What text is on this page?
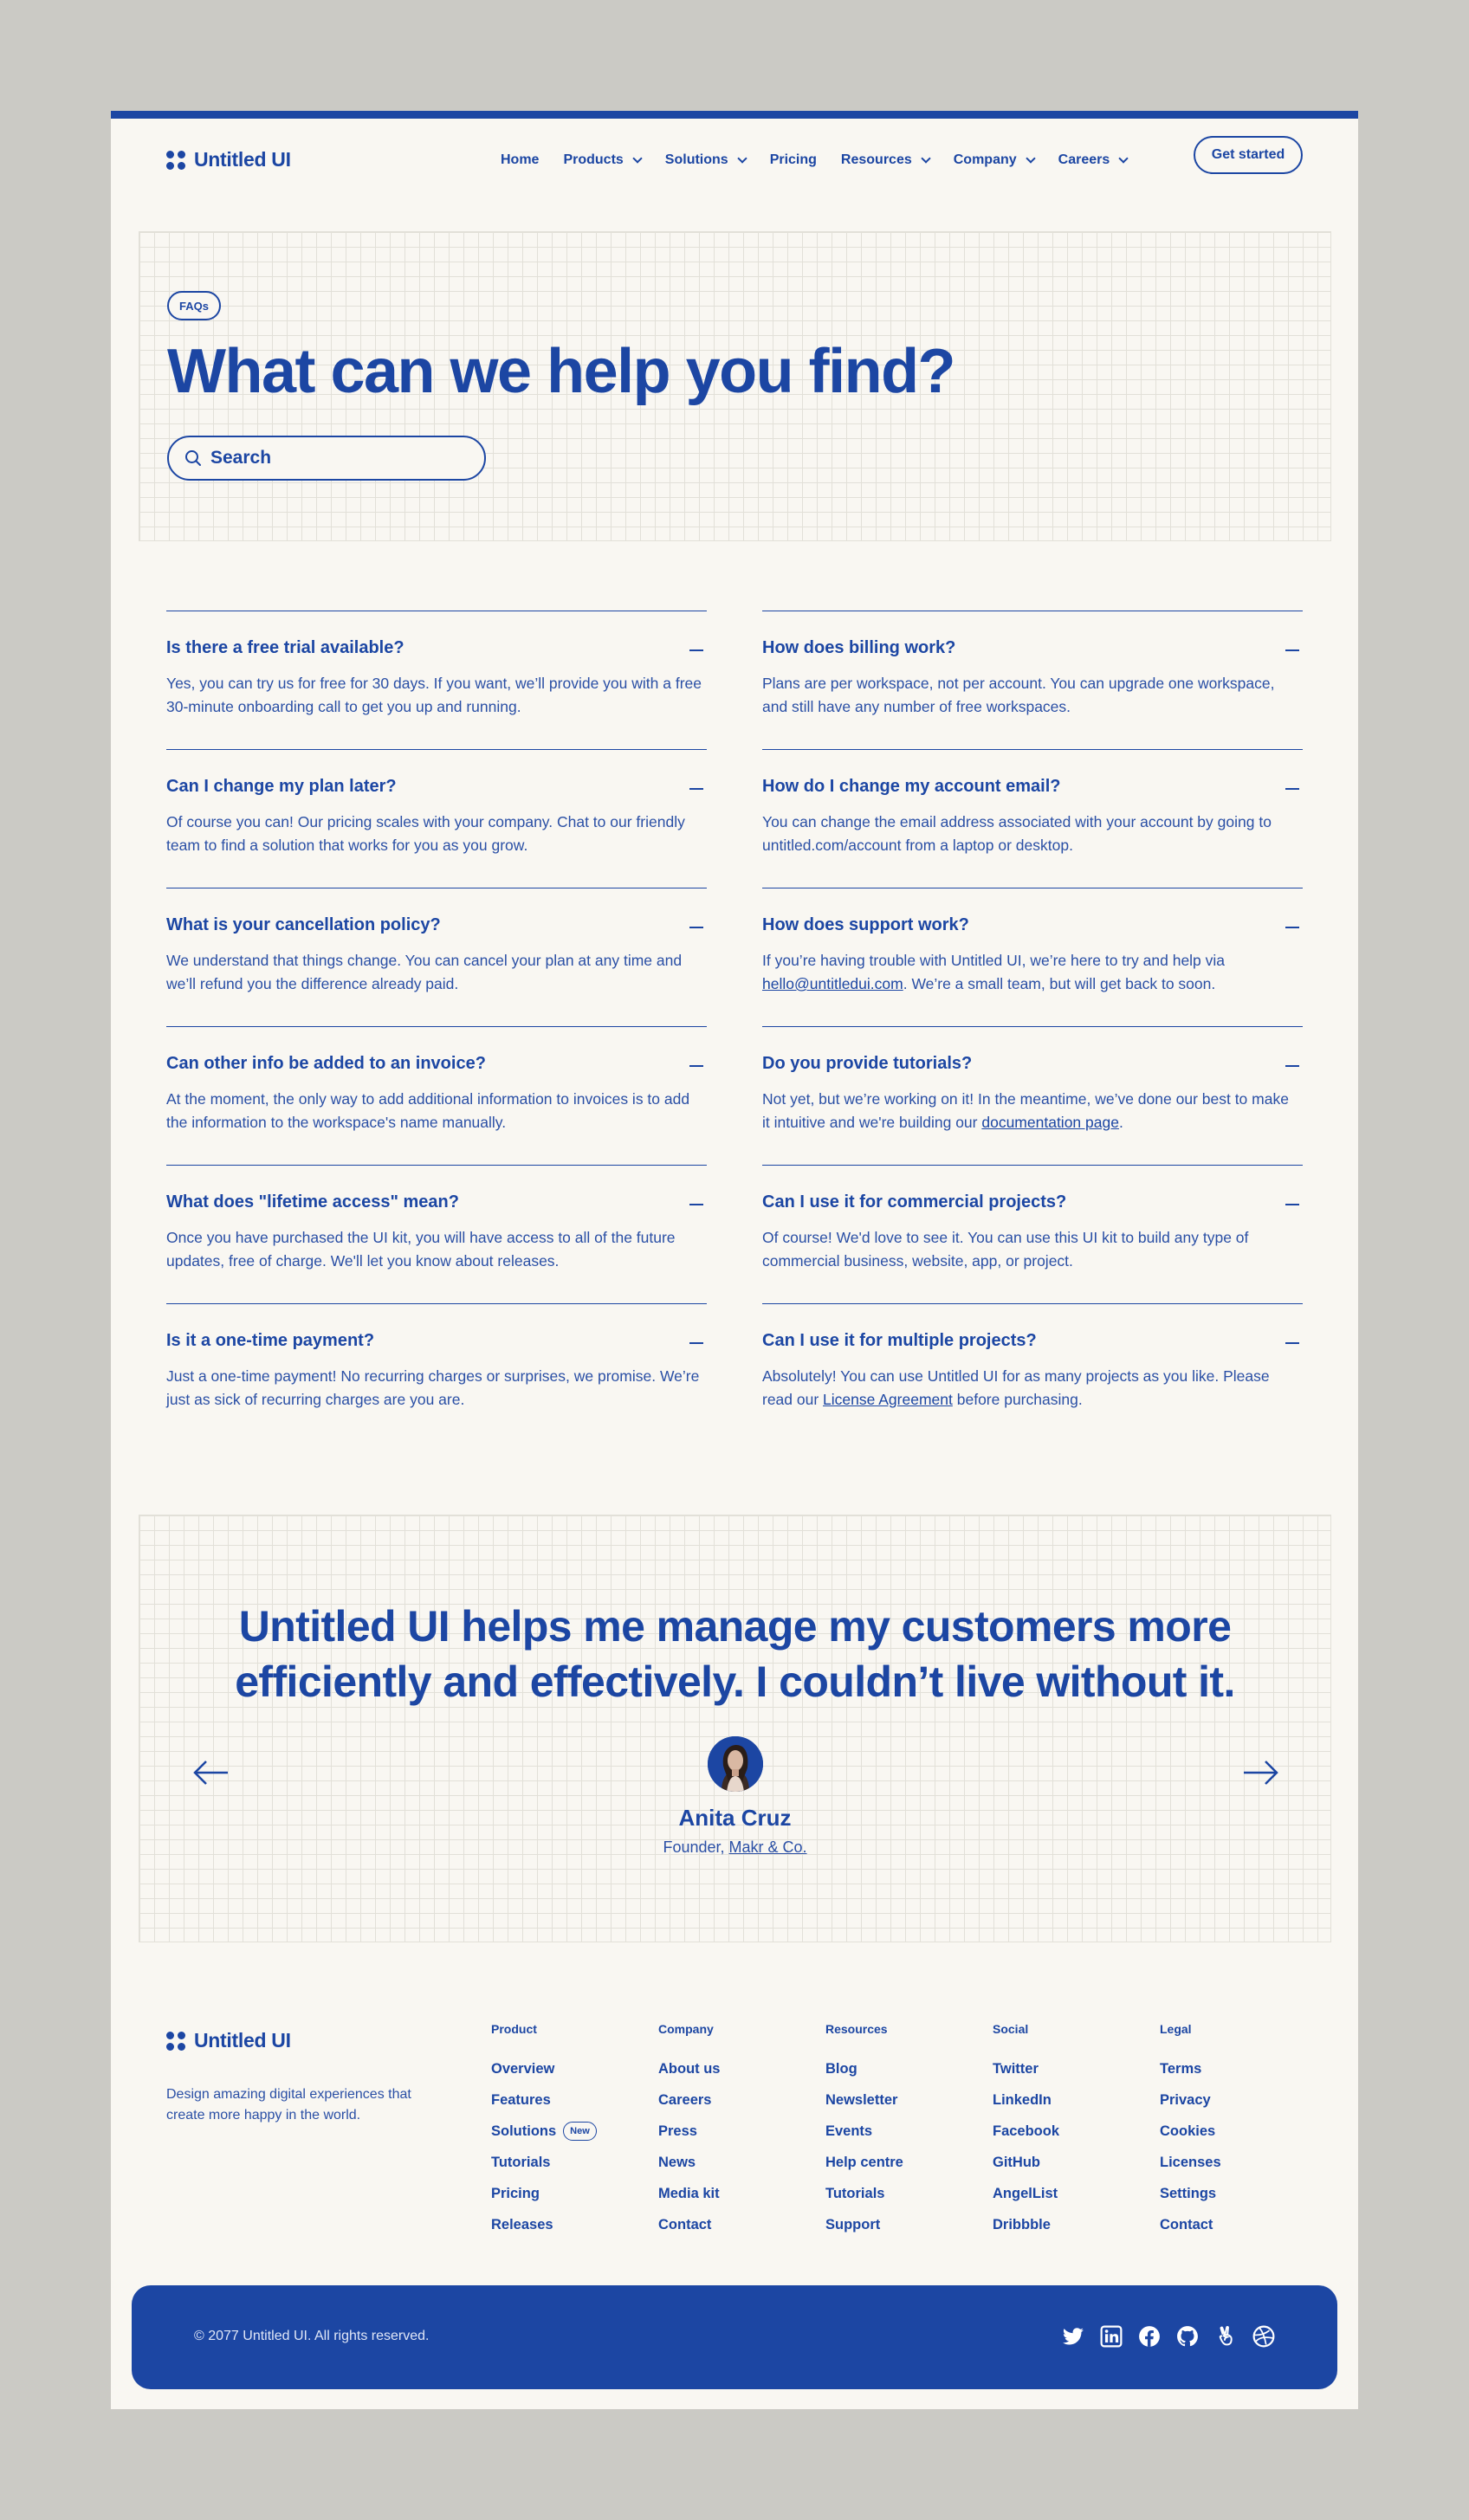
Untitled UI	Home Products	Solutions	Pricing Resources	Company	Careers	Get started
FAQs
What can we help you find?
Search
Is there a free trial available?
Yes, you can try us for free for 30 days. If you want, we’ll provide you with a free 30-minute onboarding call to get you up and running.
Can I change my plan later?
Of course you can! Our pricing scales with your company. Chat to our friendly team to find a solution that works for you as you grow.
What is your cancellation policy?
We understand that things change. You can cancel your plan at any time and we’ll refund you the difference already paid.
Can other info be added to an invoice?
At the moment, the only way to add additional information to invoices is to add the information to the workspace's name manually.
What does "lifetime access" mean?
Once you have purchased the UI kit, you will have access to all of the future updates, free of charge. We'll let you know about releases.
Is it a one-time payment?
Just a one-time payment! No recurring charges or surprises, we promise. We’re just as sick of recurring charges are you are.
How does billing work?
Plans are per workspace, not per account. You can upgrade one workspace, and still have any number of free workspaces.
How do I change my account email?
You can change the email address associated with your account by going to untitled.com/account from a laptop or desktop.
How does support work?
If you’re having trouble with Untitled UI, we’re here to try and help via hello@untitledui.com. We’re a small team, but will get back to soon.
Do you provide tutorials?
Not yet, but we’re working on it! In the meantime, we’ve done our best to make it intuitive and we're building our documentation page.
Can I use it for commercial projects?
Of course! We'd love to see it. You can use this UI kit to build any type of commercial business, website, app, or project.
Can I use it for multiple projects?
Absolutely! You can use Untitled UI for as many projects as you like. Please read our License Agreement before purchasing.
Untitled UI helps me manage my customers more
efficiently and effectively. I couldn’t live without it.
Anita Cruz
Founder, Makr & Co.
Untitled UI
Design amazing digital experiences that create more happy in the world.
Product
Overview
Features
Solutions	New
Tutorials
Pricing
Releases
Company
About us
Careers
Press
News
Media kit
Contact
Resources
Blog
Newsletter
Events
Help centre
Tutorials
Support
Social
Twitter
LinkedIn
Facebook
GitHub
AngelList
Dribbble
Legal
Terms
Privacy
Cookies
Licenses
Settings
Contact
© 2077 Untitled UI. All rights reserved.
